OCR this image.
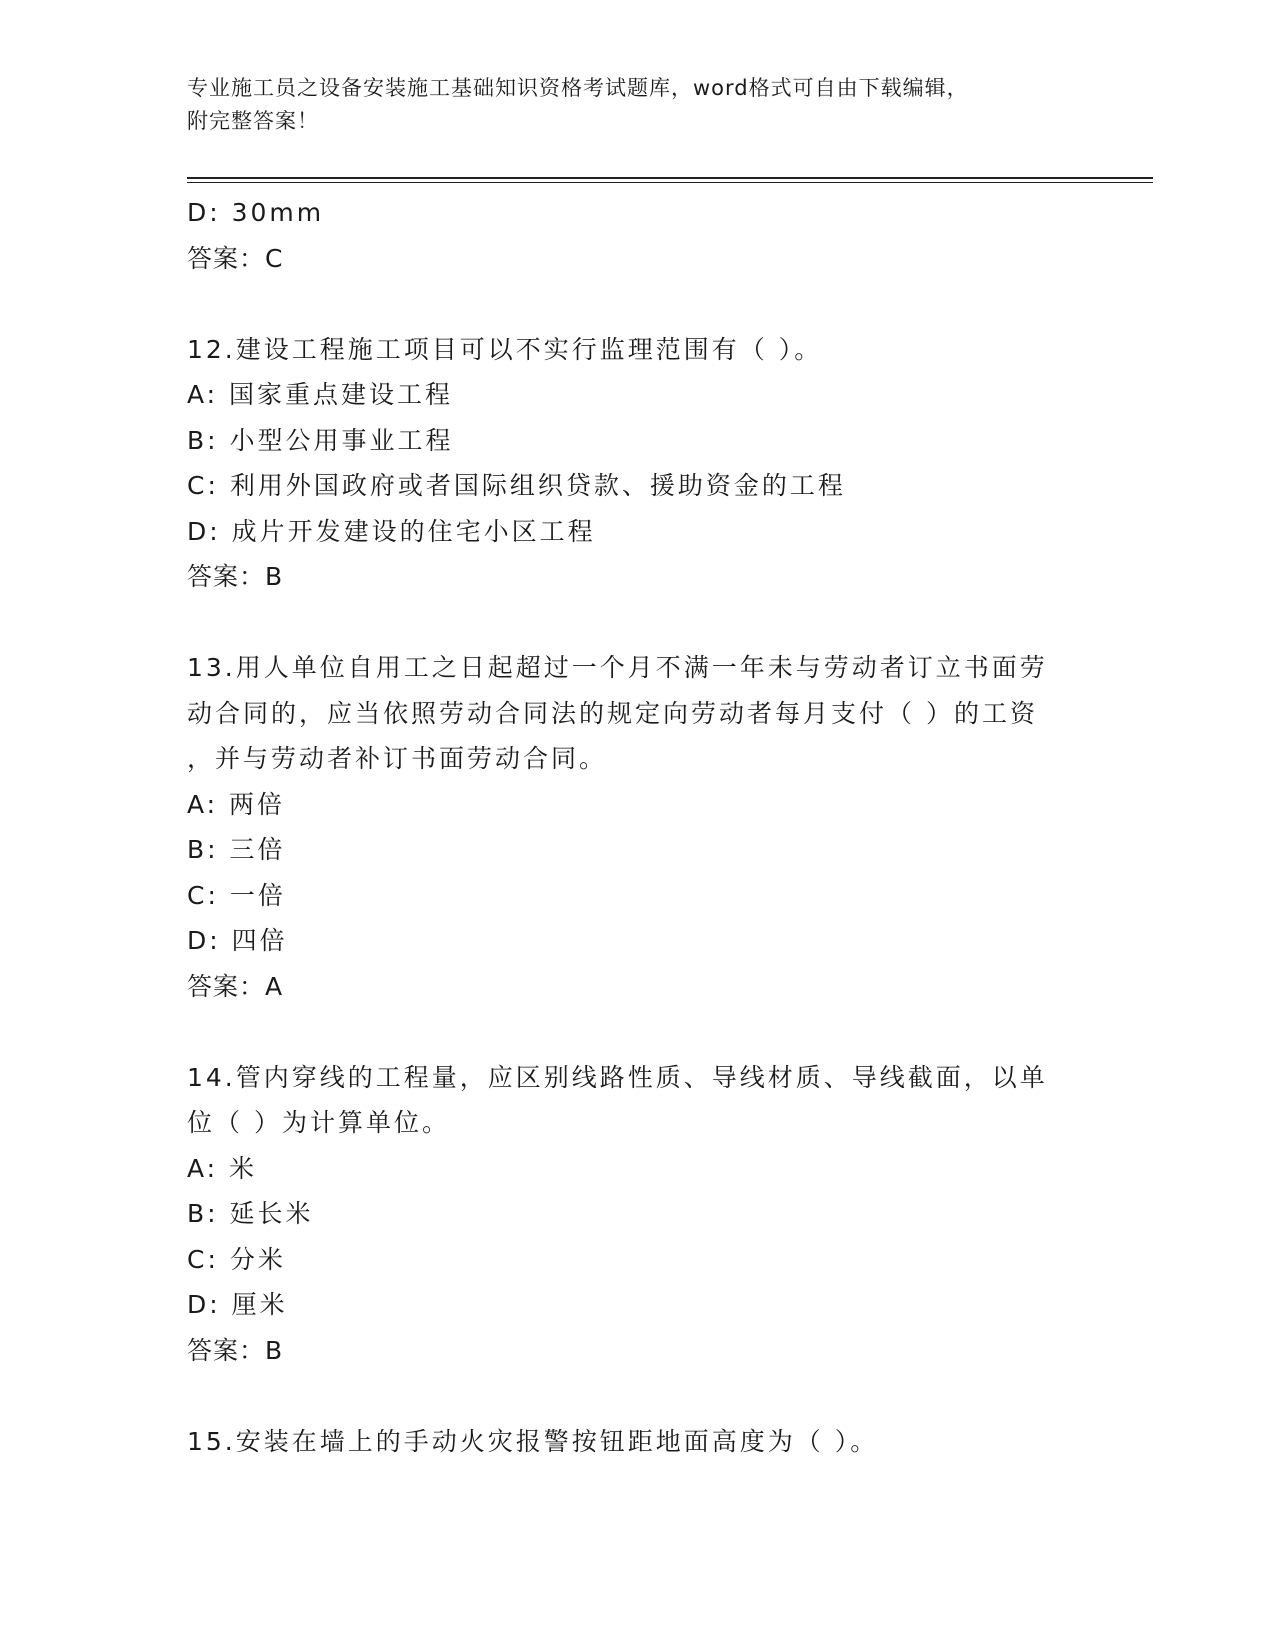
专业施工员之设备安装施工基础知识资格考试题库，word格式可自由下载编辑，
附完整答案！
D: 30mm
答案：C
12.建设工程施工项目可以不实行监理范围有（ ）。
A: 国家重点建设工程
B: 小型公用事业工程
C: 利用外国政府或者国际组织贷款、援助资金的工程
D: 成片开发建设的住宅小区工程
答案：B
13.用人单位自用工之日起超过一个月不满一年未与劳动者订立书面劳
动合同的，应当依照劳动合同法的规定向劳动者每月支付（ ）的工资
，并与劳动者补订书面劳动合同。
A: 两倍
B: 三倍
C: 一倍
D: 四倍
答案：A
14.管内穿线的工程量，应区别线路性质、导线材质、导线截面，以单
位（ ）为计算单位。
A: 米
B: 延长米
C: 分米
D: 厘米
答案：B
15.安装在墙上的手动火灾报警按钮距地面高度为（ ）。
